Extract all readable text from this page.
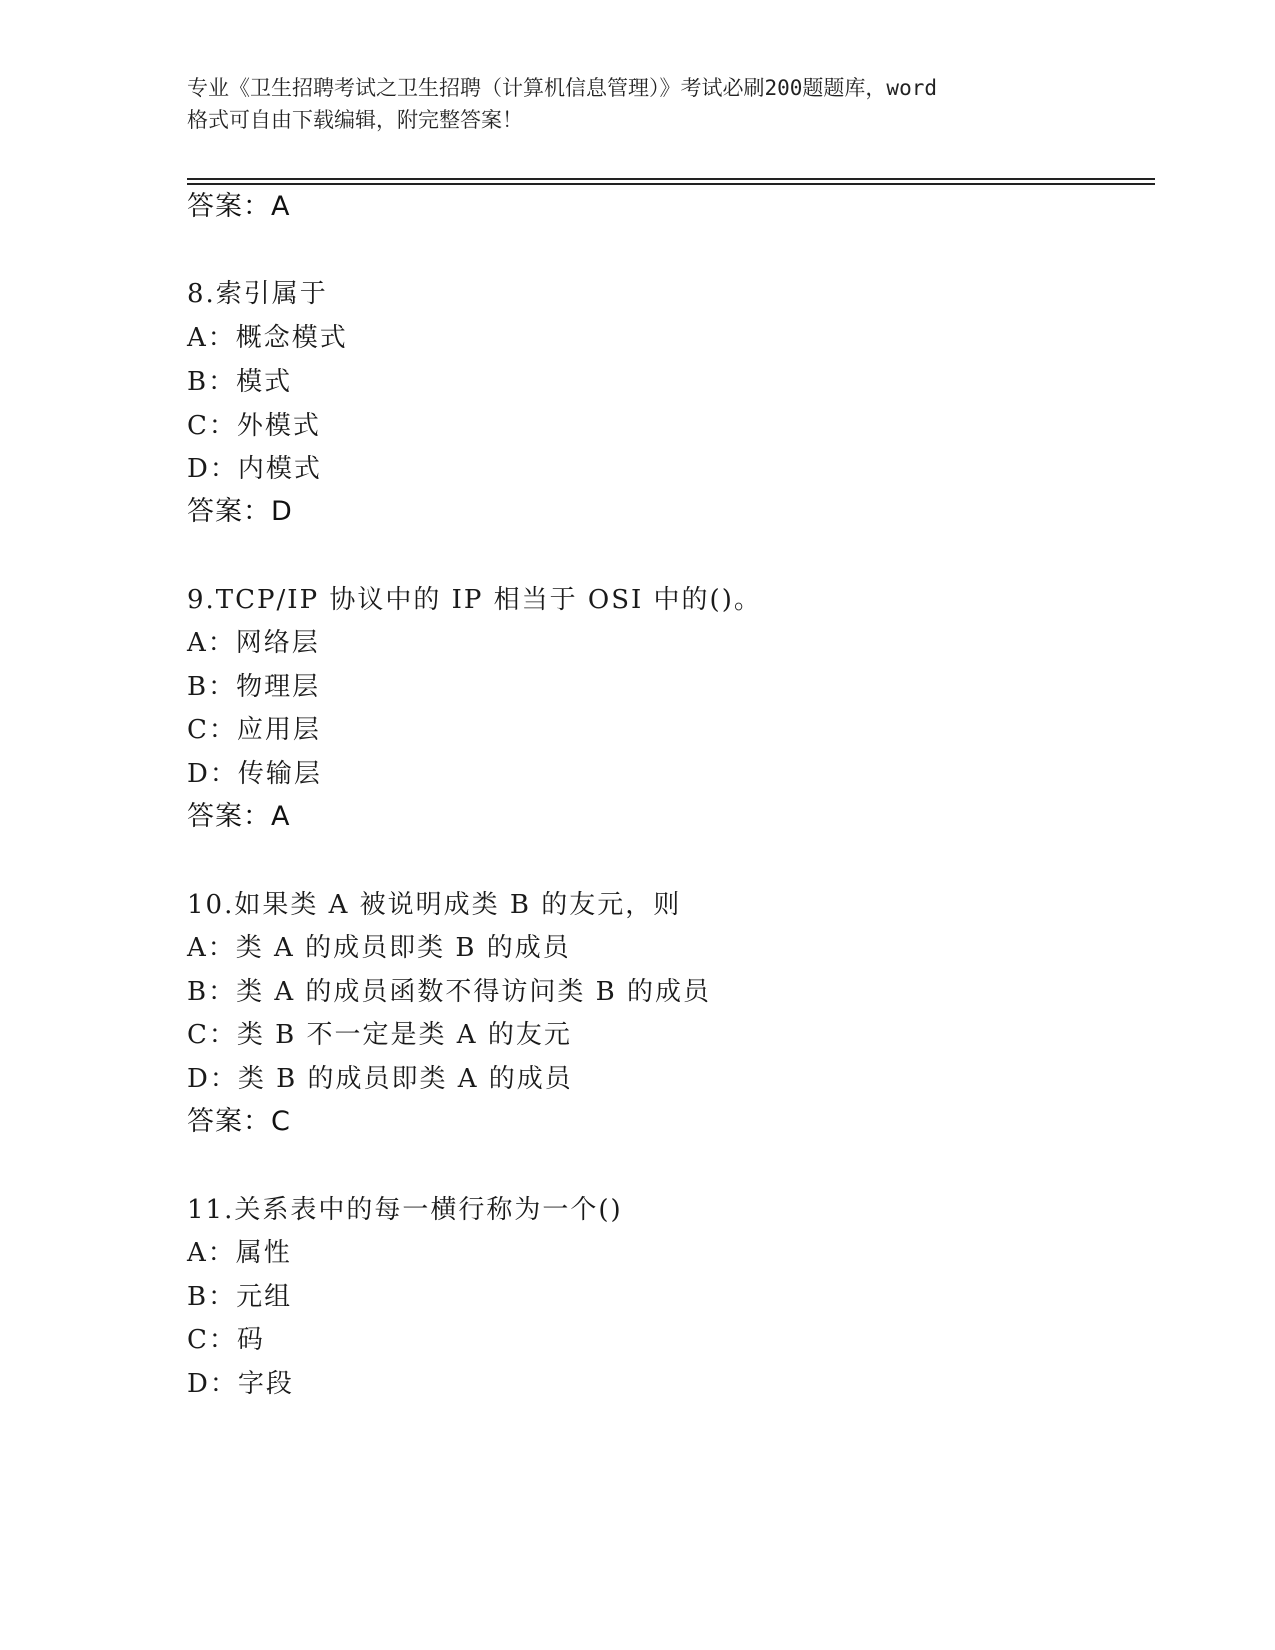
专业《卫生招聘考试之卫生招聘（计算机信息管理）》考试必刷200题题库，word
格式可自由下载编辑，附完整答案！
答案：A
8.索引属于
A：概念模式
B：模式
C：外模式
D：内模式
答案：D
9.TCP/IP 协议中的 IP 相当于 OSI 中的()。
A：网络层
B：物理层
C：应用层
D：传输层
答案：A
10.如果类 A 被说明成类 B 的友元，则
A：类 A 的成员即类 B 的成员
B：类 A 的成员函数不得访问类 B 的成员
C：类 B 不一定是类 A 的友元
D：类 B 的成员即类 A 的成员
答案：C
11.关系表中的每一横行称为一个()
A：属性
B：元组
C：码
D：字段
